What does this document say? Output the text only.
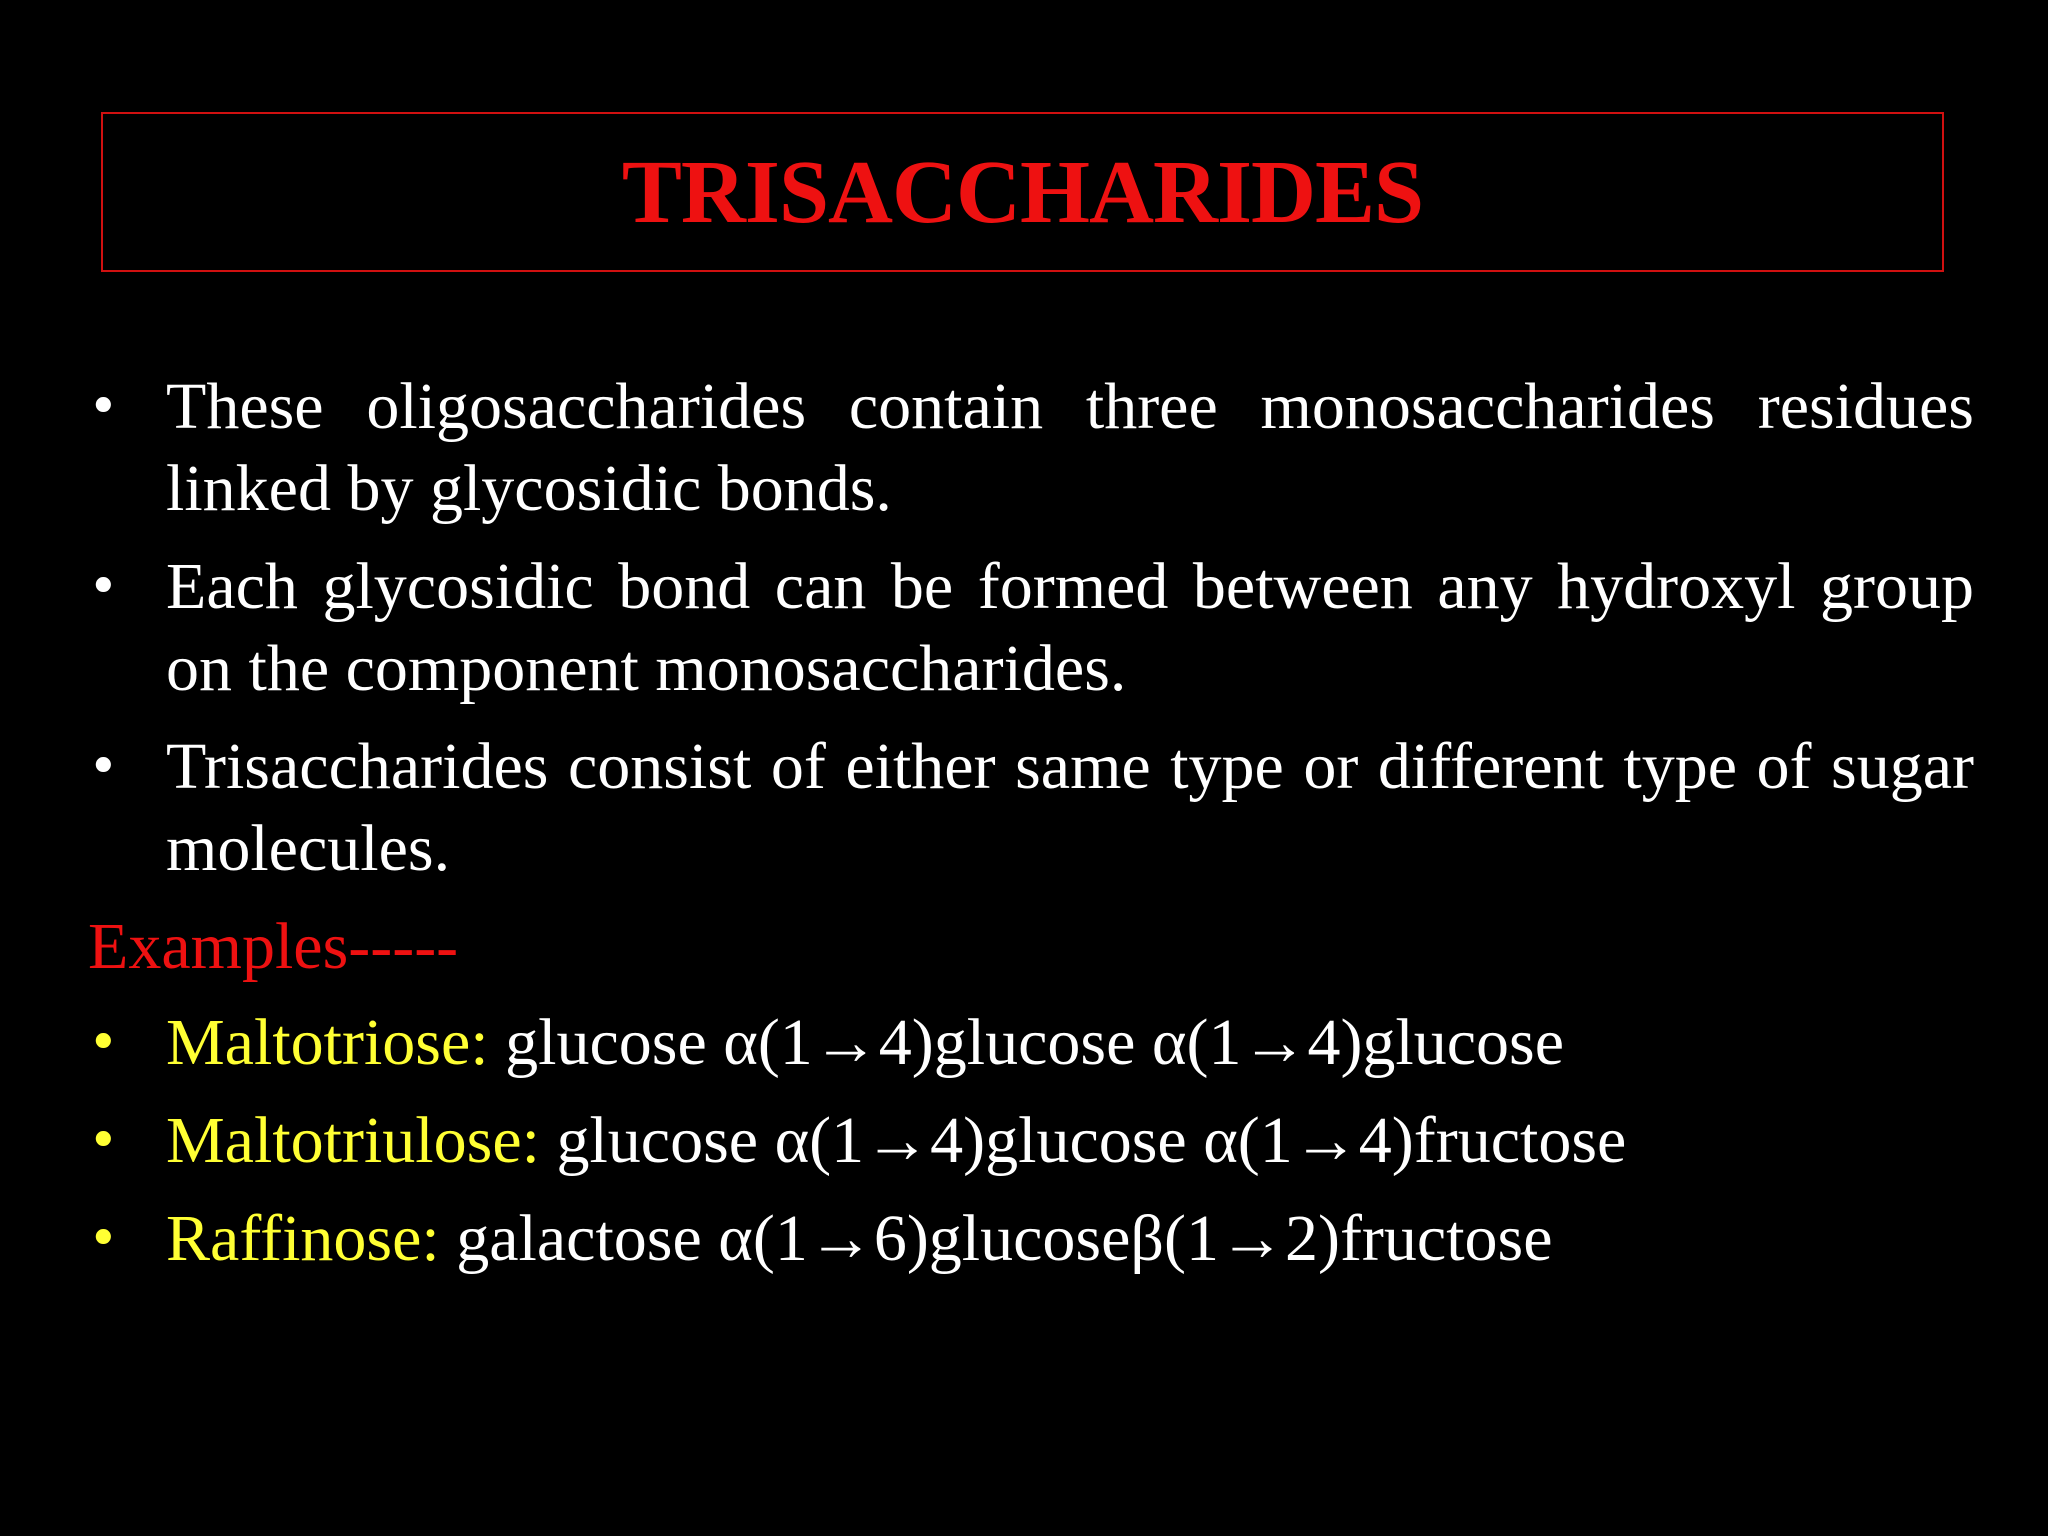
TRISACCHARIDES
• These oligosaccharides contain three monosaccharides residues linked by glycosidic bonds.
• Each glycosidic bond can be formed between any hydroxyl group on the component monosaccharides.
• Trisaccharides consist of either same type or different type of sugar molecules.

Examples-----

• Maltotriose: glucose α(1→4)glucose α(1→4)glucose
• Maltotriulose: glucose α(1→4)glucose α(1→4)fructose
• Raffinose: galactose α(1→6)glucoseβ(1→2)fructose
